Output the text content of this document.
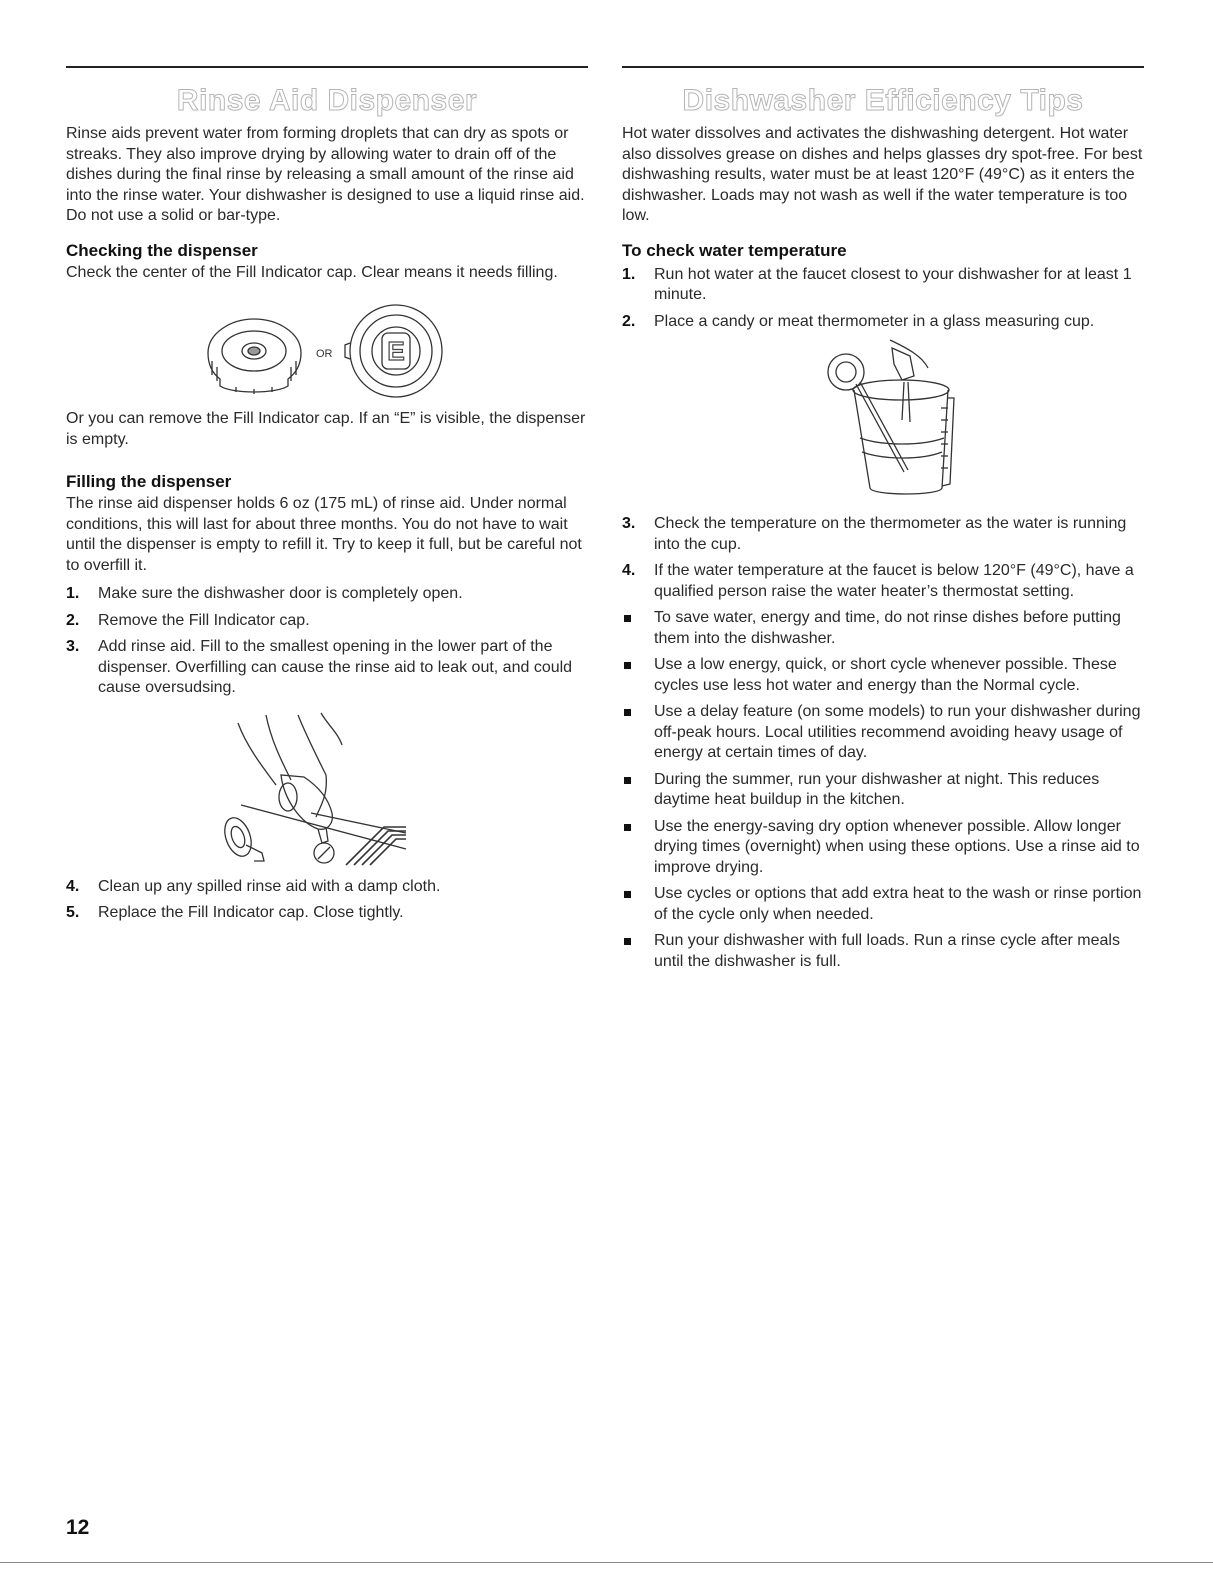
Rinse Aid Dispenser

Rinse aids prevent water from forming droplets that can dry as spots or streaks. They also improve drying by allowing water to drain off of the dishes during the final rinse by releasing a small amount of the rinse aid into the rinse water. Your dishwasher is designed to use a liquid rinse aid. Do not use a solid or bar-type.

Checking the dispenser

Check the center of the Fill Indicator cap. Clear means it needs filling.

OR E

Or you can remove the Fill Indicator cap. If an “E” is visible, the dispenser is empty.

Filling the dispenser

The rinse aid dispenser holds 6 oz (175 mL) of rinse aid. Under normal conditions, this will last for about three months. You do not have to wait until the dispenser is empty to refill it. Try to keep it full, but be careful not to overfill it.

1. Make sure the dishwasher door is completely open.
2. Remove the Fill Indicator cap.
3. Add rinse aid. Fill to the smallest opening in the lower part of the dispenser. Overfilling can cause the rinse aid to leak out, and could cause oversudsing.
4. Clean up any spilled rinse aid with a damp cloth.
5. Replace the Fill Indicator cap. Close tightly.
Dishwasher Efficiency Tips

Hot water dissolves and activates the dishwashing detergent. Hot water also dissolves grease on dishes and helps glasses dry spot-free. For best dishwashing results, water must be at least 120°F (49°C) as it enters the dishwasher. Loads may not wash as well if the water temperature is too low.

To check water temperature
1. Run hot water at the faucet closest to your dishwasher for at least 1 minute.
2. Place a candy or meat thermometer in a glass measuring cup.
3. Check the temperature on the thermometer as the water is running into the cup.
4. If the water temperature at the faucet is below 120°F (49°C), have a qualified person raise the water heater’s thermostat setting.
To save water, energy and time, do not rinse dishes before putting them into the dishwasher.
Use a low energy, quick, or short cycle whenever possible. These cycles use less hot water and energy than the Normal cycle.
Use a delay feature (on some models) to run your dishwasher during off-peak hours. Local utilities recommend avoiding heavy usage of energy at certain times of day.
During the summer, run your dishwasher at night. This reduces daytime heat buildup in the kitchen.
Use the energy-saving dry option whenever possible. Allow longer drying times (overnight) when using these options. Use a rinse aid to improve drying.
Use cycles or options that add extra heat to the wash or rinse portion of the cycle only when needed.
Run your dishwasher with full loads. Run a rinse cycle after meals until the dishwasher is full.
12
